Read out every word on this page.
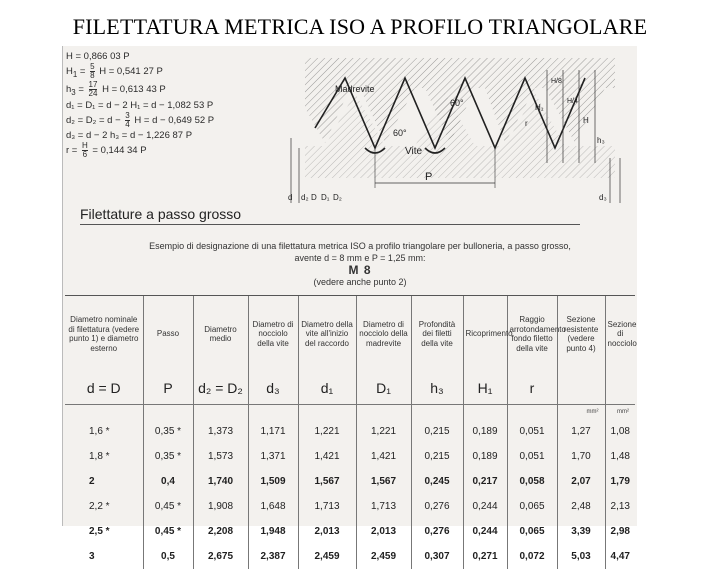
FILETTATURA METRICA ISO A PROFILO TRIANGOLARE
H = 0,866 03 P
$H_1 = \frac{5}{8}$ H = 0,541 27 P
$h_3 = \frac{17}{24}$ H = 0,613 43 P
d₁ = D₁ = d − 2 H₁ = d − 1,082 53 P
$d_2 = D_2 = d - \frac{3}{4}$ H = d − 0,649 52 P
d₃ = d − 2 h₃ = d − 1,226 87 P
$r = \frac{H}{6} = 0,144$ 34 P
Madrevite
Vite
60°
60°
P
H/8
H/4
H
H₁
h₃
r
d d₂ D D₁ D₂	d₃
Filettature a passo grosso
Esempio di designazione di una filettatura metrica ISO a profilo triangolare per bulloneria, a passo grosso,
avente d = 8 mm e P = 1,25 mm:
M 8
(vedere anche punto 2)
Diametro nominale di filettatura (vedere punto 1) e diametro esterno	Passo	Diametro medio	Diametro di nocciolo della vite	Diametro della vite all'inizio del raccordo	Diametro di nocciolo della madrevite	Profondità dei filetti della vite	Ricoprimento	Raggio arrotondamento fondo filetto della vite	Sezione resistente (vedere punto 4)	Sezione di nocciolo
d = D	P	d₂ = D₂	d₃	d₁	D₁	h₃	H₁	r		
									mm²	mm²
1,6 *	0,35 *	1,373	1,171	1,221	1,221	0,215	0,189	0,051	1,27	1,08
1,8 *	0,35 *	1,573	1,371	1,421	1,421	0,215	0,189	0,051	1,70	1,48
2	0,4	1,740	1,509	1,567	1,567	0,245	0,217	0,058	2,07	1,79
2,2 *	0,45 *	1,908	1,648	1,713	1,713	0,276	0,244	0,065	2,48	2,13
2,5 *	0,45 *	2,208	1,948	2,013	2,013	0,276	0,244	0,065	3,39	2,98
3	0,5	2,675	2,387	2,459	2,459	0,307	0,271	0,072	5,03	4,47
